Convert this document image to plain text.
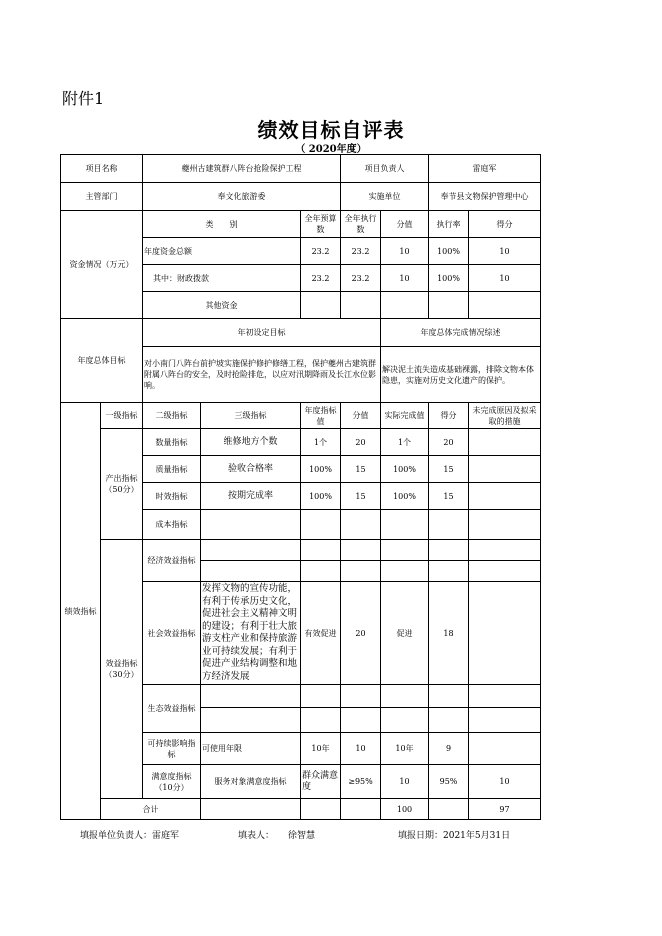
附件1
绩效目标自评表
（ 2020年度）
项目名称		夔州古建筑群八阵台抢险保护工程			项目负责人		雷庭军		
主管部门		奉文化旅游委			实施单位		奉节县文物保护管理中心		
资金情况（万元）		类　　别		全年预算数	全年执行数	分值	执行率	得分	
		年度资金总额		23.2	23.2	10	100%	10	
		其中：财政拨款		23.2	23.2	10	100%	10	
		其他资金							
年度总体目标		年初设定目标				年度总体完成情况综述			
		对小南门八阵台前护坡实施保护修护修缮工程，保护夔州古建筑群附属八阵台的安全，及时抢险排危，以应对汛期降雨及长江水位影响。				解决泥土流失造成基础裸露，排除文物本体隐患，实施对历史文化遗产的保护。			
绩效指标	一级指标	二级指标	三级指标	年度指标值	分值	实际完成值	得分	未完成原因及拟采取的措施	
	产出指标（50分）	数量指标	维修地方个数	1个	20	1个	20		
		质量指标	验收合格率	100%	15	100%	15		
		时效指标	按期完成率	100%	15	100%	15		
		成本指标							
	效益指标（30分）	经济效益指标							

		社会效益指标	发挥文物的宣传功能，有利于传承历史文化，促进社会主义精神文明的建设；有利于壮大旅游支柱产业和保持旅游业可持续发展；有利于促进产业结构调整和地方经济发展	有效促进	20	促进	18		
		生态效益指标							

		可持续影响指标	可使用年限	10年	10	10年	9		
		满意度指标（10分）	服务对象满意度指标	群众满意度	≥95%	10	95%	10	
	合计					100		97	
填报单位负责人：雷庭军	填表人： 徐智慧	填报日期：2021年5月31日
